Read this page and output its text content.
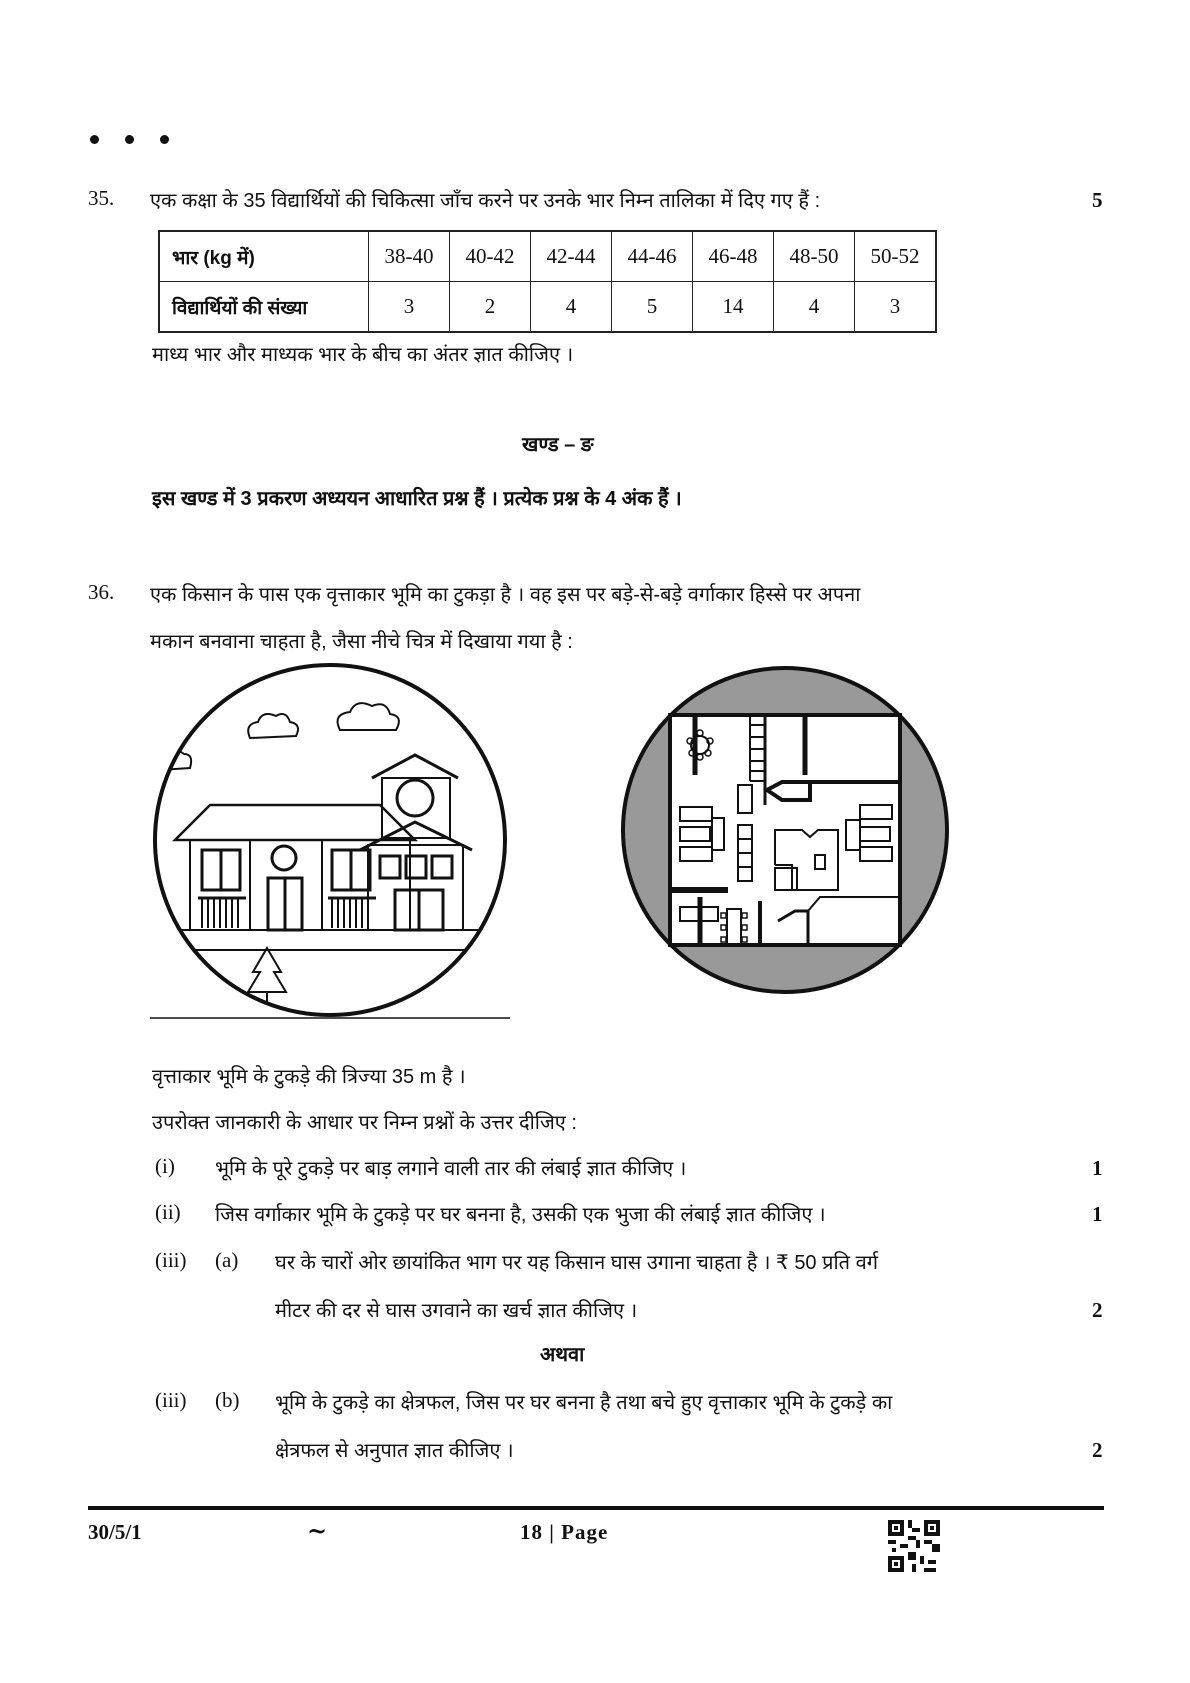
35. एक कक्षा के 35 विद्यार्थियों की चिकित्सा जाँच करने पर उनके भार निम्न तालिका में दिए गए हैं :	5
भार (kg में)	38-40	40-42	42-44	44-46	46-48	48-50	50-52
विद्यार्थियों की संख्या	3	2	4	5	14	4	3
माध्य भार और माध्यक भार के बीच का अंतर ज्ञात कीजिए ।
खण्ड – ङ
इस खण्ड में 3 प्रकरण अध्ययन आधारित प्रश्न हैं । प्रत्येक प्रश्न के 4 अंक हैं ।
36. एक किसान के पास एक वृत्ताकार भूमि का टुकड़ा है । वह इस पर बड़े-से-बड़े वर्गाकार हिस्से पर अपना
मकान बनवाना चाहता है, जैसा नीचे चित्र में दिखाया गया है :
वृत्ताकार भूमि के टुकड़े की त्रिज्या 35 m है ।
उपरोक्त जानकारी के आधार पर निम्न प्रश्नों के उत्तर दीजिए :
(i) भूमि के पूरे टुकड़े पर बाड़ लगाने वाली तार की लंबाई ज्ञात कीजिए ।	1
(ii) जिस वर्गाकार भूमि के टुकड़े पर घर बनना है, उसकी एक भुजा की लंबाई ज्ञात कीजिए ।	1
(iii) (a) घर के चारों ओर छायांकित भाग पर यह किसान घास उगाना चाहता है । ₹ 50 प्रति वर्ग
मीटर की दर से घास उगवाने का खर्च ज्ञात कीजिए ।	2
अथवा
(iii) (b) भूमि के टुकड़े का क्षेत्रफल, जिस पर घर बनना है तथा बचे हुए वृत्ताकार भूमि के टुकड़े का
क्षेत्रफल से अनुपात ज्ञात कीजिए ।	2
30/5/1	~	18 | Page
